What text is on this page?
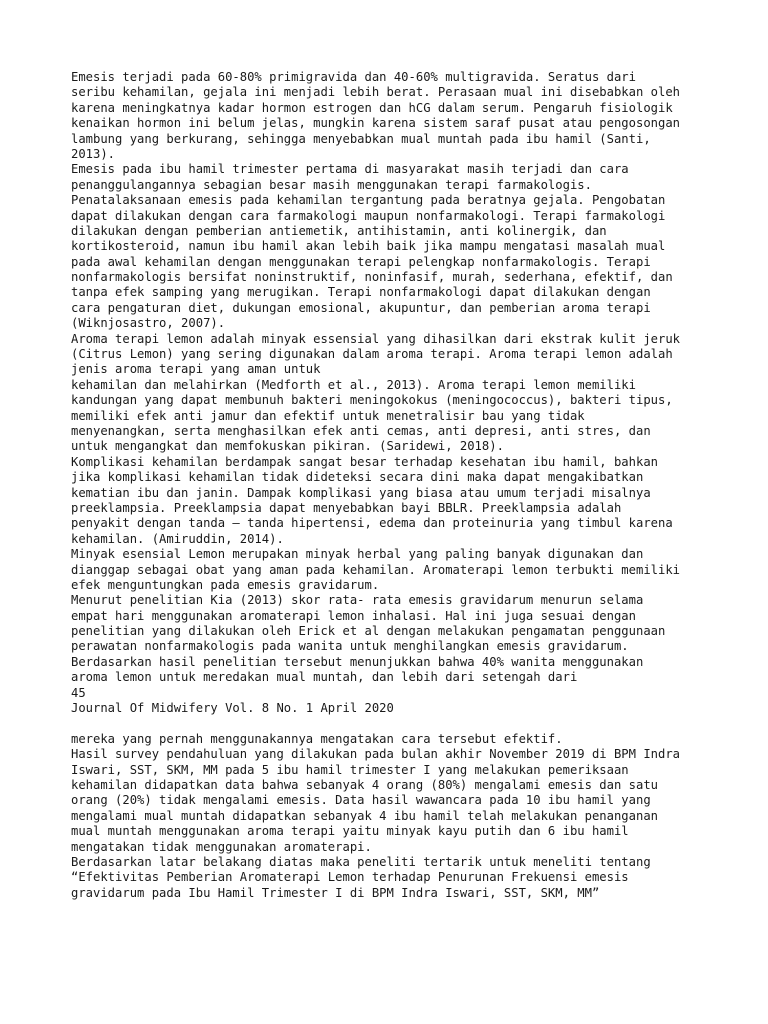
Emesis terjadi pada 60-80% primigravida dan 40-60% multigravida. Seratus dari
seribu kehamilan, gejala ini menjadi lebih berat. Perasaan mual ini disebabkan oleh
karena meningkatnya kadar hormon estrogen dan hCG dalam serum. Pengaruh fisiologik
kenaikan hormon ini belum jelas, mungkin karena sistem saraf pusat atau pengosongan
lambung yang berkurang, sehingga menyebabkan mual muntah pada ibu hamil (Santi,
2013).
Emesis pada ibu hamil trimester pertama di masyarakat masih terjadi dan cara
penanggulangannya sebagian besar masih menggunakan terapi farmakologis.
Penatalaksanaan emesis pada kehamilan tergantung pada beratnya gejala. Pengobatan
dapat dilakukan dengan cara farmakologi maupun nonfarmakologi. Terapi farmakologi
dilakukan dengan pemberian antiemetik, antihistamin, anti kolinergik, dan
kortikosteroid, namun ibu hamil akan lebih baik jika mampu mengatasi masalah mual
pada awal kehamilan dengan menggunakan terapi pelengkap nonfarmakologis. Terapi
nonfarmakologis bersifat noninstruktif, noninfasif, murah, sederhana, efektif, dan
tanpa efek samping yang merugikan. Terapi nonfarmakologi dapat dilakukan dengan
cara pengaturan diet, dukungan emosional, akupuntur, dan pemberian aroma terapi
(Wiknjosastro, 2007).
Aroma terapi lemon adalah minyak essensial yang dihasilkan dari ekstrak kulit jeruk
(Citrus Lemon) yang sering digunakan dalam aroma terapi. Aroma terapi lemon adalah
jenis aroma terapi yang aman untuk
kehamilan dan melahirkan (Medforth et al., 2013). Aroma terapi lemon memiliki
kandungan yang dapat membunuh bakteri meningokokus (meningococcus), bakteri tipus,
memiliki efek anti jamur dan efektif untuk menetralisir bau yang tidak
menyenangkan, serta menghasilkan efek anti cemas, anti depresi, anti stres, dan
untuk mengangkat dan memfokuskan pikiran. (Saridewi, 2018).
Komplikasi kehamilan berdampak sangat besar terhadap kesehatan ibu hamil, bahkan
jika komplikasi kehamilan tidak dideteksi secara dini maka dapat mengakibatkan
kematian ibu dan janin. Dampak komplikasi yang biasa atau umum terjadi misalnya
preeklampsia. Preeklampsia dapat menyebabkan bayi BBLR. Preeklampsia adalah
penyakit dengan tanda – tanda hipertensi, edema dan proteinuria yang timbul karena
kehamilan. (Amiruddin, 2014).
Minyak esensial Lemon merupakan minyak herbal yang paling banyak digunakan dan
dianggap sebagai obat yang aman pada kehamilan. Aromaterapi lemon terbukti memiliki
efek menguntungkan pada emesis gravidarum.
Menurut penelitian Kia (2013) skor rata- rata emesis gravidarum menurun selama
empat hari menggunakan aromaterapi lemon inhalasi. Hal ini juga sesuai dengan
penelitian yang dilakukan oleh Erick et al dengan melakukan pengamatan penggunaan
perawatan nonfarmakologis pada wanita untuk menghilangkan emesis gravidarum.
Berdasarkan hasil penelitian tersebut menunjukkan bahwa 40% wanita menggunakan
aroma lemon untuk meredakan mual muntah, dan lebih dari setengah dari
45
Journal Of Midwifery Vol. 8 No. 1 April 2020
mereka yang pernah menggunakannya mengatakan cara tersebut efektif.
Hasil survey pendahuluan yang dilakukan pada bulan akhir November 2019 di BPM Indra
Iswari, SST, SKM, MM pada 5 ibu hamil trimester I yang melakukan pemeriksaan
kehamilan didapatkan data bahwa sebanyak 4 orang (80%) mengalami emesis dan satu
orang (20%) tidak mengalami emesis. Data hasil wawancara pada 10 ibu hamil yang
mengalami mual muntah didapatkan sebanyak 4 ibu hamil telah melakukan penanganan
mual muntah menggunakan aroma terapi yaitu minyak kayu putih dan 6 ibu hamil
mengatakan tidak menggunakan aromaterapi.
Berdasarkan latar belakang diatas maka peneliti tertarik untuk meneliti tentang
“Efektivitas Pemberian Aromaterapi Lemon terhadap Penurunan Frekuensi emesis
gravidarum pada Ibu Hamil Trimester I di BPM Indra Iswari, SST, SKM, MM”
